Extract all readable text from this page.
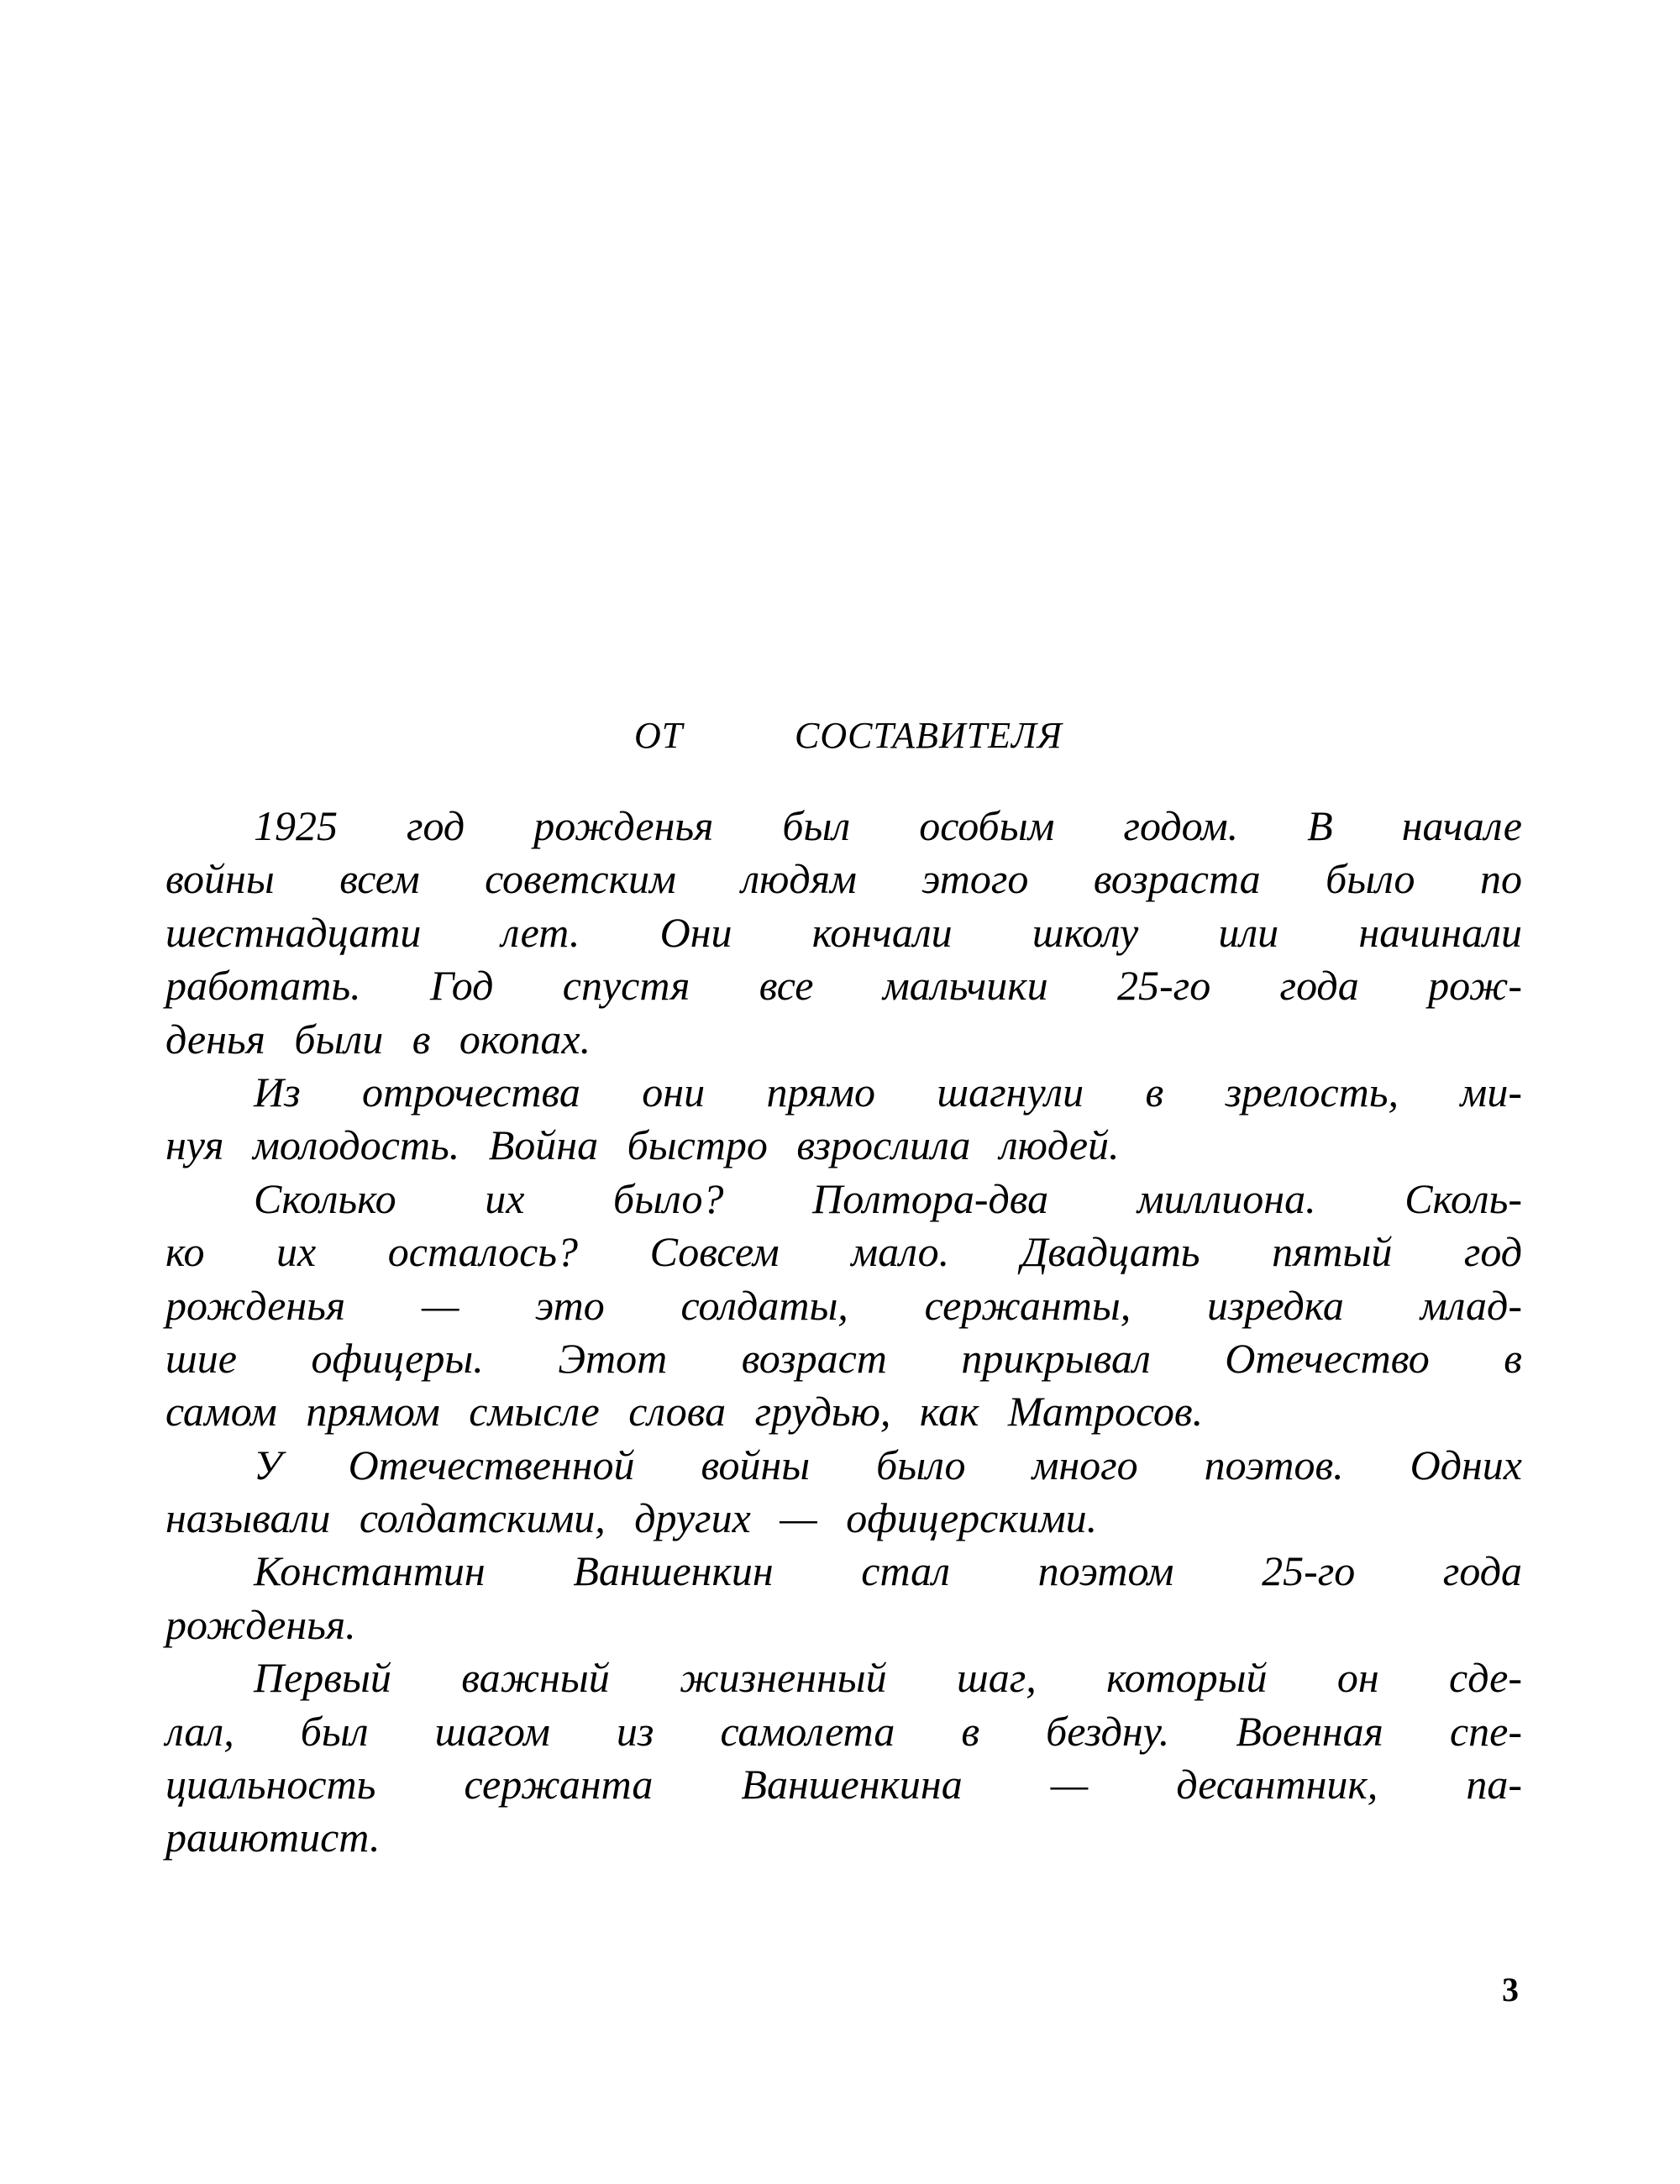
ОТ	СОСТАВИТЕЛЯ
1925 год рожденья был особым годом. В начале
войны всем советским людям этого возраста было по
шестнадцати лет. Они кончали школу или начинали
работать. Год спустя все мальчики 25-го года рож-
денья были в окопах.
Из отрочества они прямо шагнули в зрелость, ми-
нуя молодость. Война быстро взрослила людей.
Сколько их было? Полтора-два миллиона. Сколь-
ко их осталось? Совсем мало. Двадцать пятый год
рожденья — это солдаты, сержанты, изредка млад-
шие офицеры. Этот возраст прикрывал Отечество в
самом прямом смысле слова грудью, как Матросов.
У Отечественной войны было много поэтов. Одних
называли солдатскими, других — офицерскими.
Константин Ваншенкин стал поэтом 25-го года
рожденья.
Первый важный жизненный шаг, который он сде-
лал, был шагом из самолета в бездну. Военная спе-
циальность сержанта Ваншенкина — десантник, па-
рашютист.
3
